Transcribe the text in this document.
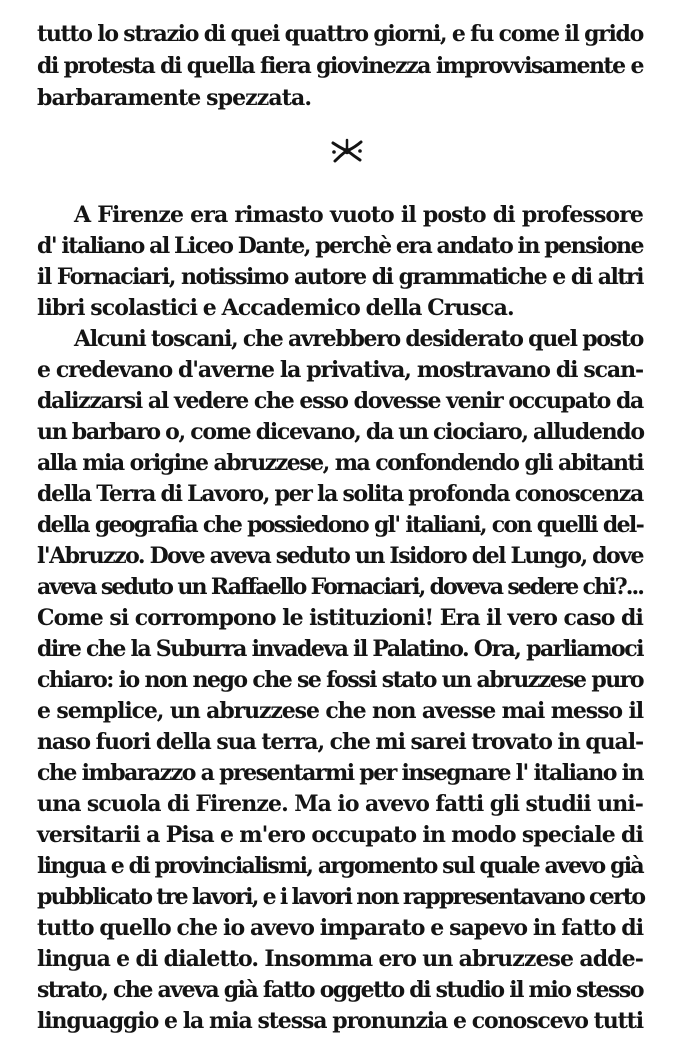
tutto lo strazio di quei quattro giorni, e fu come il grido
di protesta di quella fiera giovinezza improvvisamente e
barbaramente spezzata.
A Firenze era rimasto vuoto il posto di professore
d' italiano al Liceo Dante, perchè era andato in pensione
il Fornaciari, notissimo autore di grammatiche e di altri
libri scolastici e Accademico della Crusca.
Alcuni toscani, che avrebbero desiderato quel posto
e credevano d'averne la privativa, mostravano di scan-
dalizzarsi al vedere che esso dovesse venir occupato da
un barbaro o, come dicevano, da un ciociaro, alludendo
alla mia origine abruzzese, ma confondendo gli abitanti
della Terra di Lavoro, per la solita profonda conoscenza
della geografia che possiedono gl' italiani, con quelli del-
l'Abruzzo. Dove aveva seduto un Isidoro del Lungo, dove
aveva seduto un Raffaello Fornaciari, doveva sedere chi?...
Come si corrompono le istituzioni! Era il vero caso di
dire che la Suburra invadeva il Palatino. Ora, parliamoci
chiaro: io non nego che se fossi stato un abruzzese puro
e semplice, un abruzzese che non avesse mai messo il
naso fuori della sua terra, che mi sarei trovato in qual-
che imbarazzo a presentarmi per insegnare l' italiano in
una scuola di Firenze. Ma io avevo fatti gli studii uni-
versitarii a Pisa e m'ero occupato in modo speciale di
lingua e di provincialismi, argomento sul quale avevo già
pubblicato tre lavori, e i lavori non rappresentavano certo
tutto quello che io avevo imparato e sapevo in fatto di
lingua e di dialetto. Insomma ero un abruzzese adde-
strato, che aveva già fatto oggetto di studio il mio stesso
linguaggio e la mia stessa pronunzia e conoscevo tutti
